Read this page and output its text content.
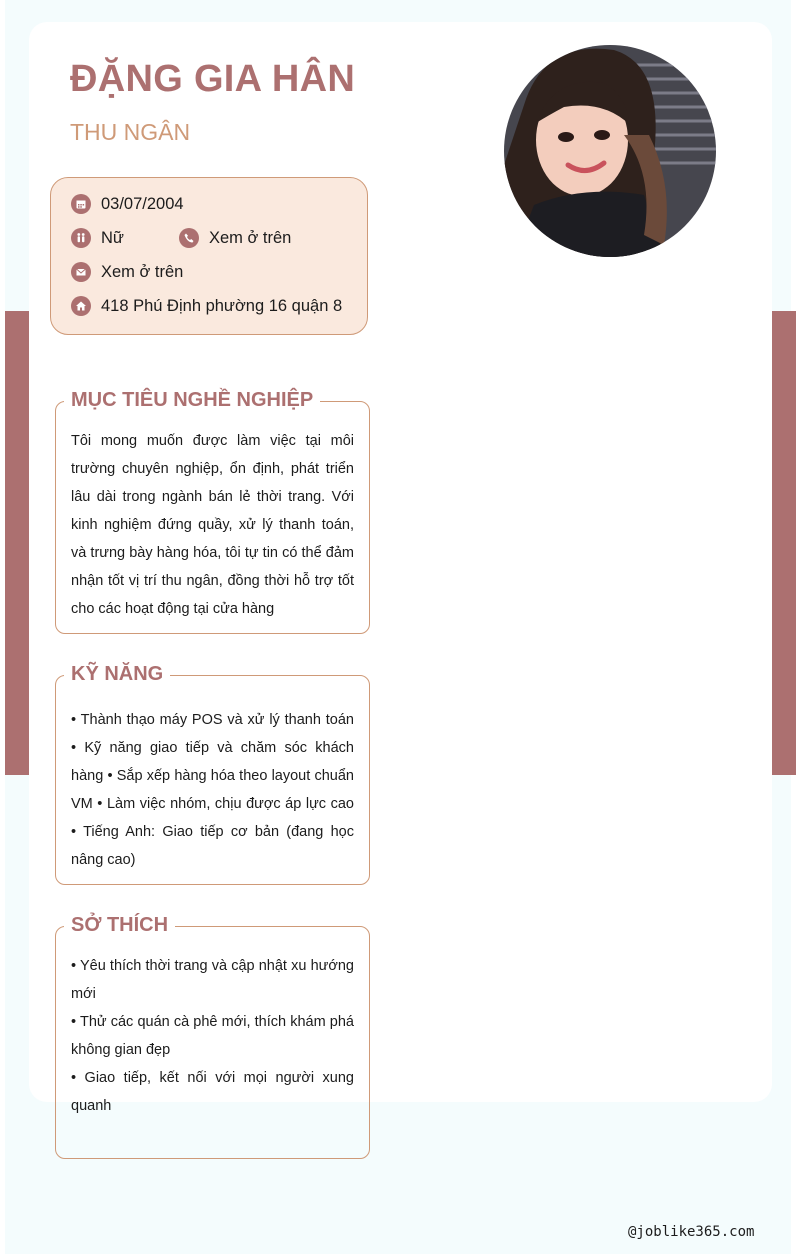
ĐẶNG GIA HÂN
THU NGÂN
03/07/2004
Nữ	Xem ở trên
Xem ở trên
418 Phú Định phường 16 quận 8
MỤC TIÊU NGHỀ NGHIỆP

Tôi mong muốn được làm việc tại môi trường chuyên nghiệp, ổn định, phát triển lâu dài trong ngành bán lẻ thời trang. Với kinh nghiệm đứng quầy, xử lý thanh toán, và trưng bày hàng hóa, tôi tự tin có thể đảm nhận tốt vị trí thu ngân, đồng thời hỗ trợ tốt cho các hoạt động tại cửa hàng

KỸ NĂNG

• Thành thạo máy POS và xử lý thanh toán • Kỹ năng giao tiếp và chăm sóc khách hàng • Sắp xếp hàng hóa theo layout chuẩn VM • Làm việc nhóm, chịu được áp lực cao • Tiếng Anh: Giao tiếp cơ bản (đang học nâng cao)

SỞ THÍCH
• Yêu thích thời trang và cập nhật xu hướng mới
• Thử các quán cà phê mới, thích khám phá không gian đẹp
• Giao tiếp, kết nối với mọi người xung quanh
@joblike365.com
